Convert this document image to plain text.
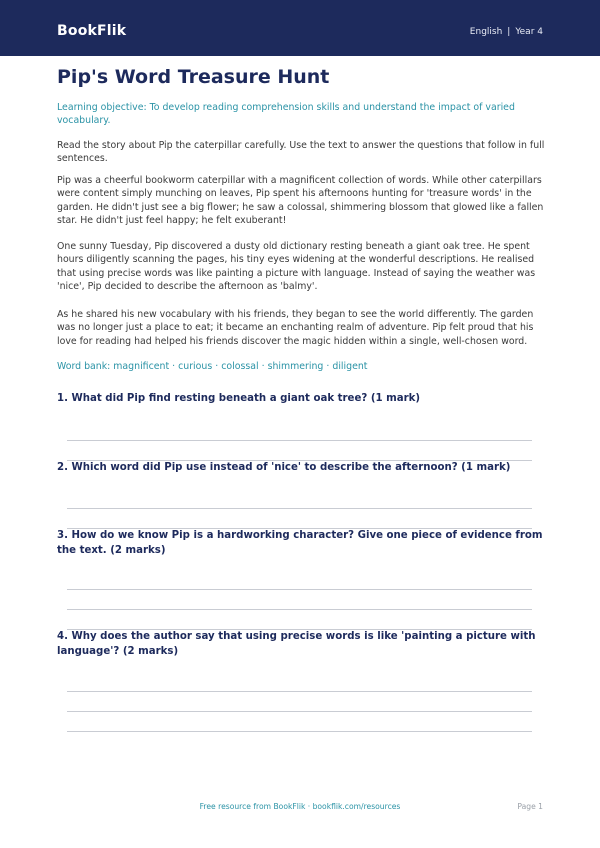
BookFlik	English | Year 4
Pip's Word Treasure Hunt

Learning objective: To develop reading comprehension skills and understand the impact of varied vocabulary.

Read the story about Pip the caterpillar carefully. Use the text to answer the questions that follow in full sentences.

Pip was a cheerful bookworm caterpillar with a magnificent collection of words. While other caterpillars were content simply munching on leaves, Pip spent his afternoons hunting for 'treasure words' in the garden. He didn't just see a big flower; he saw a colossal, shimmering blossom that glowed like a fallen star. He didn't just feel happy; he felt exuberant!

One sunny Tuesday, Pip discovered a dusty old dictionary resting beneath a giant oak tree. He spent hours diligently scanning the pages, his tiny eyes widening at the wonderful descriptions. He realised that using precise words was like painting a picture with language. Instead of saying the weather was 'nice', Pip decided to describe the afternoon as 'balmy'.

As he shared his new vocabulary with his friends, they began to see the world differently. The garden was no longer just a place to eat; it became an enchanting realm of adventure. Pip felt proud that his love for reading had helped his friends discover the magic hidden within a single, well-chosen word.

Word bank: magnificent · curious · colossal · shimmering · diligent

1. What did Pip find resting beneath a giant oak tree? (1 mark)

2. Which word did Pip use instead of 'nice' to describe the afternoon? (1 mark)

3. How do we know Pip is a hardworking character? Give one piece of evidence from the text. (2 marks)

4. Why does the author say that using precise words is like 'painting a picture with language'? (2 marks)

Free resource from BookFlik · bookflik.com/resources	Page 1
